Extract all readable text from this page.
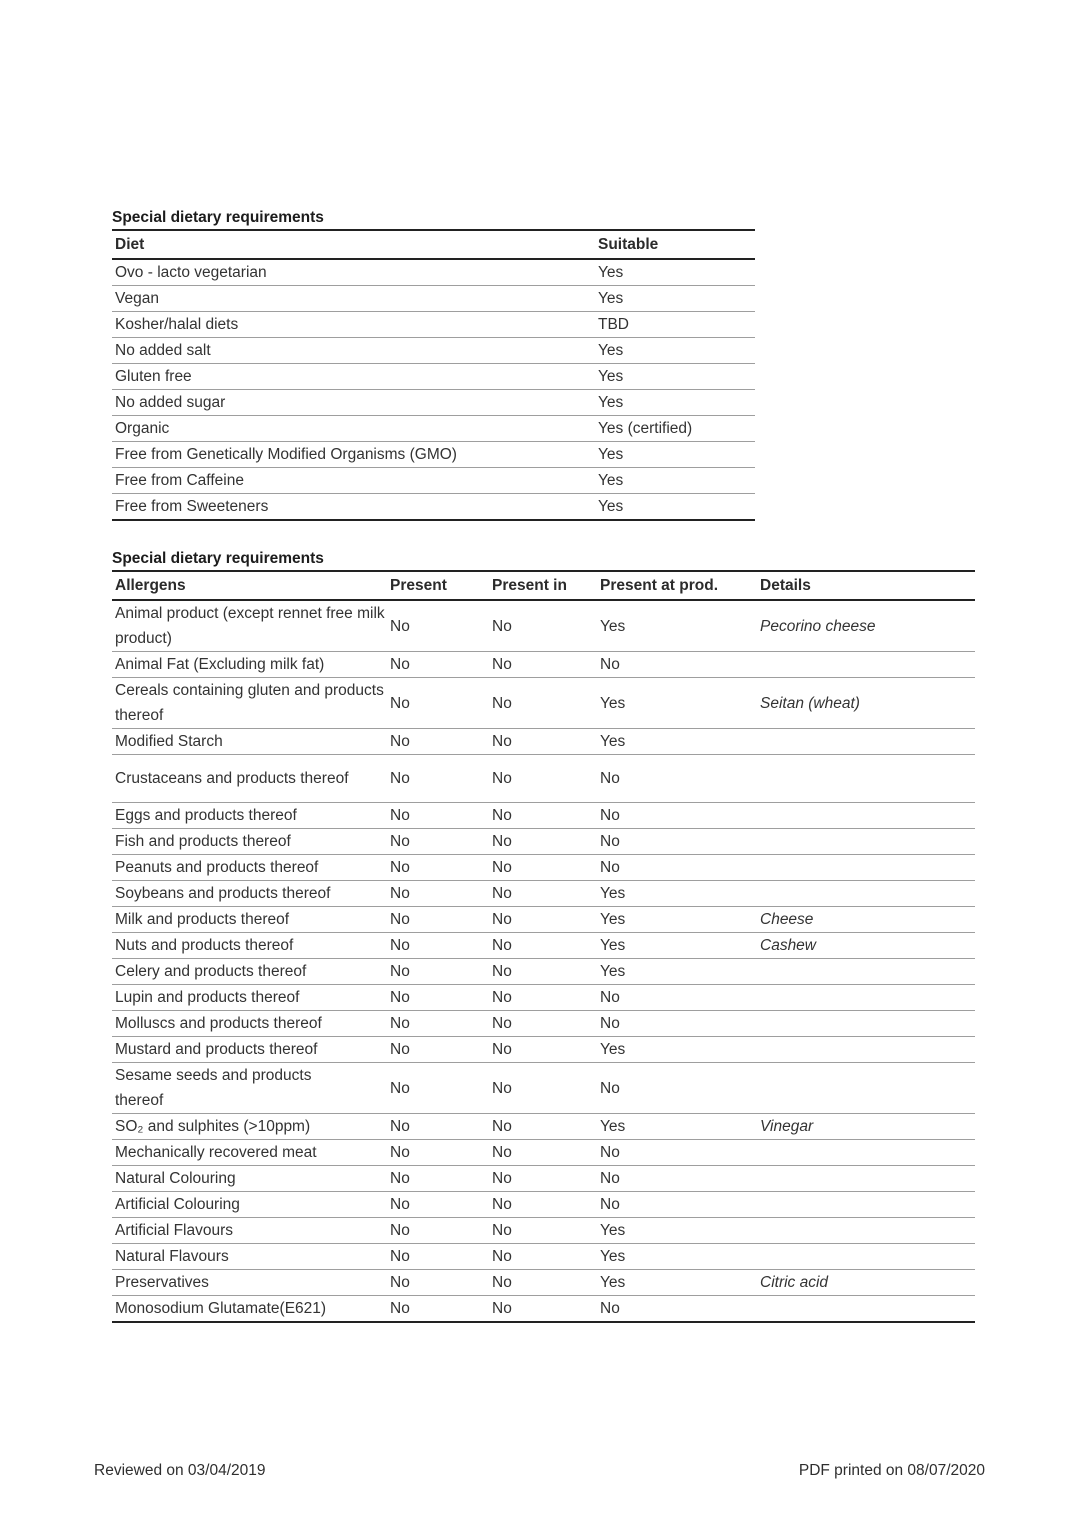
Special dietary requirements
Diet	Suitable
Ovo - lacto vegetarian	Yes
Vegan	Yes
Kosher/halal diets	TBD
No added salt	Yes
Gluten free	Yes
No added sugar	Yes
Organic	Yes (certified)
Free from Genetically Modified Organisms (GMO)	Yes
Free from Caffeine	Yes
Free from Sweeteners	Yes
Special dietary requirements
Allergens	Present	Present in	Present at prod.	Details
Animal product (except rennet free milk product)	No	No	Yes	Pecorino cheese
Animal Fat (Excluding milk fat)	No	No	No	
Cereals containing gluten and products thereof	No	No	Yes	Seitan (wheat)
Modified Starch	No	No	Yes	
Crustaceans and products thereof	No	No	No	
Eggs and products thereof	No	No	No	
Fish and products thereof	No	No	No	
Peanuts and products thereof	No	No	No	
Soybeans and products thereof	No	No	Yes	
Milk and products thereof	No	No	Yes	Cheese
Nuts and products thereof	No	No	Yes	Cashew
Celery and products thereof	No	No	Yes	
Lupin and products thereof	No	No	No	
Molluscs and products thereof	No	No	No	
Mustard and products thereof	No	No	Yes	
Sesame seeds and products thereof	No	No	No	
SO₂ and sulphites (>10ppm)	No	No	Yes	Vinegar
Mechanically recovered meat	No	No	No	
Natural Colouring	No	No	No	
Artificial Colouring	No	No	No	
Artificial Flavours	No	No	Yes	
Natural Flavours	No	No	Yes	
Preservatives	No	No	Yes	Citric acid
Monosodium Glutamate(E621)	No	No	No	
Reviewed on 03/04/2019	PDF printed on 08/07/2020
